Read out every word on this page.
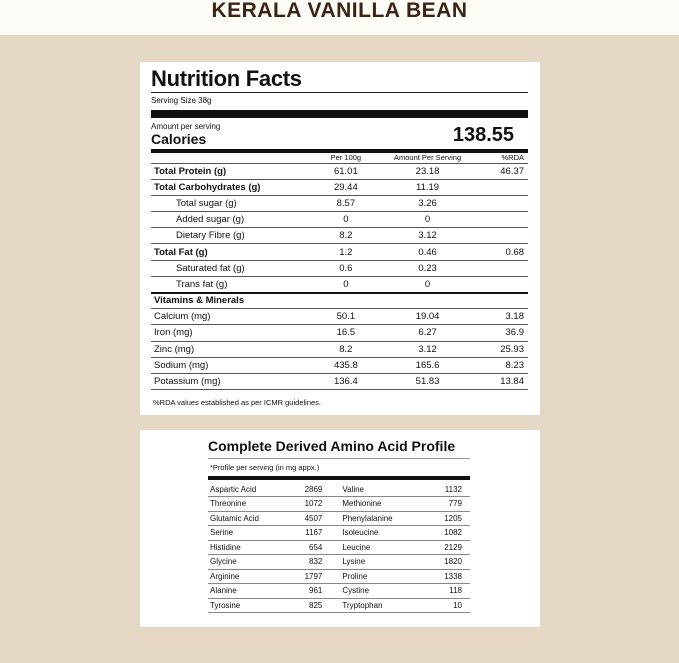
KERALA VANILLA BEAN
Nutrition Facts
Serving Size 38g
Amount per serving
Calories	138.55
	Per 100g	Amount Per Serving	%RDA
Total Protein (g)	61.01	23.18	46.37
Total Carbohydrates (g)	29.44	11.19	
Total sugar (g)	8.57	3.26	
Added sugar (g)	0	0	
Dietary Fibre (g)	8.2	3.12	
Total Fat (g)	1.2	0.46	0.68
Saturated fat (g)	0.6	0.23	
Trans fat (g)	0	0	
Vitamins & Minerals			
Calcium (mg)	50.1	19.04	3.18
Iron (mg)	16.5	6.27	36.9
Zinc (mg)	8.2	3.12	25.93
Sodium (mg)	435.8	165.6	8.23
Potassium (mg)	136.4	51.83	13.84
%RDA values established as per ICMR guidelines.
Complete Derived Amino Acid Profile
*Profile per serving (in mg appx.)
Aspartic Acid	2869	Valine	1132
Threonine	1072	Methionine	779
Glutamic Acid	4507	Phenylalanine	1205
Serine	1167	Isoleucine	1082
Histidine	654	Leucine	2129
Glycine	832	Lysine	1820
Arginine	1797	Proline	1338
Alanine	961	Cystine	118
Tyrosine	825	Tryptophan	10
